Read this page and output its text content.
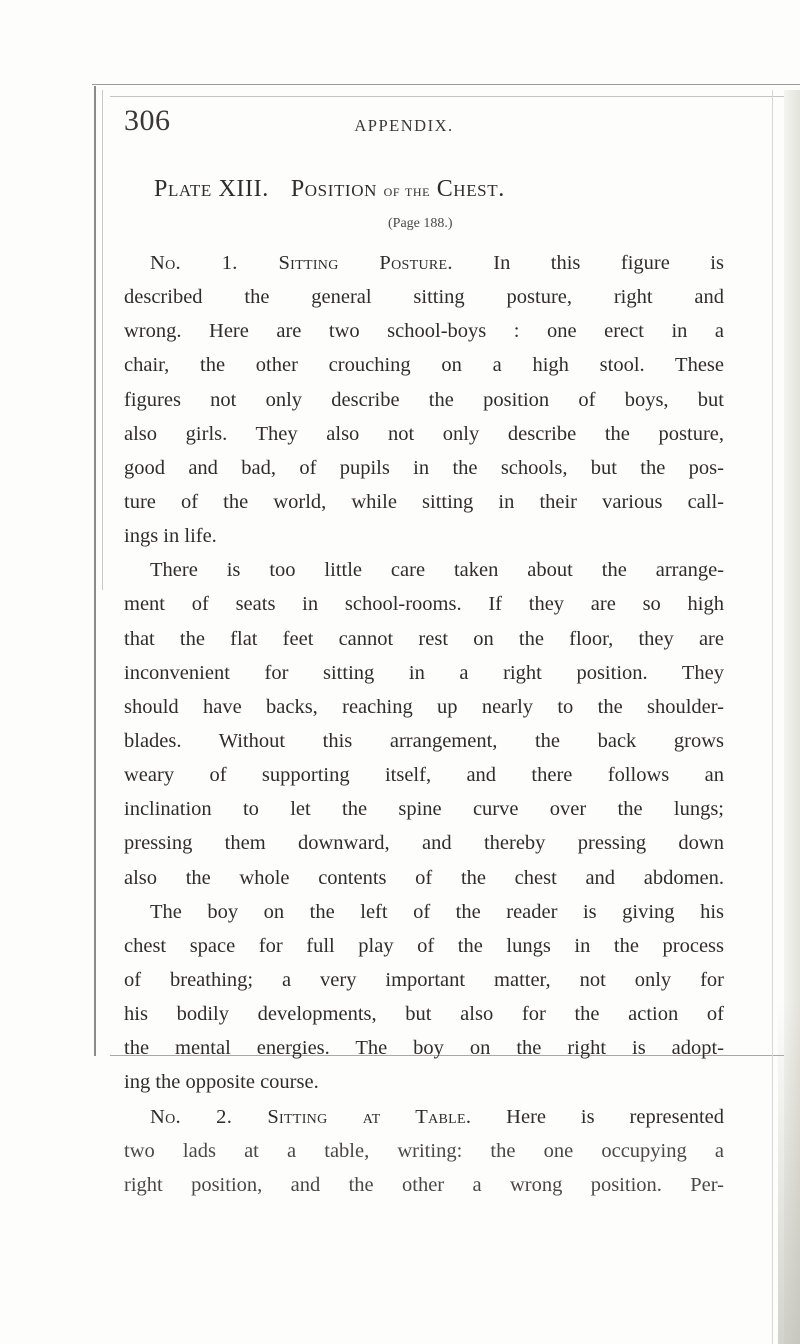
306	APPENDIX.
Plate XIII. Position of the Chest.
(Page 188.)
No. 1. Sitting Posture. In this figure is
described the general sitting posture, right and
wrong. Here are two school-boys : one erect in a
chair, the other crouching on a high stool. These
figures not only describe the position of boys, but
also girls. They also not only describe the posture,
good and bad, of pupils in the schools, but the pos-
ture of the world, while sitting in their various call-
ings in life.
There is too little care taken about the arrange-
ment of seats in school-rooms. If they are so high
that the flat feet cannot rest on the floor, they are
inconvenient for sitting in a right position. They
should have backs, reaching up nearly to the shoulder-
blades. Without this arrangement, the back grows
weary of supporting itself, and there follows an
inclination to let the spine curve over the lungs;
pressing them downward, and thereby pressing down
also the whole contents of the chest and abdomen.
The boy on the left of the reader is giving his
chest space for full play of the lungs in the process
of breathing; a very important matter, not only for
his bodily developments, but also for the action of
the mental energies. The boy on the right is adopt-
ing the opposite course.
No. 2. Sitting at Table. Here is represented
two lads at a table, writing: the one occupying a
right position, and the other a wrong position. Per-
